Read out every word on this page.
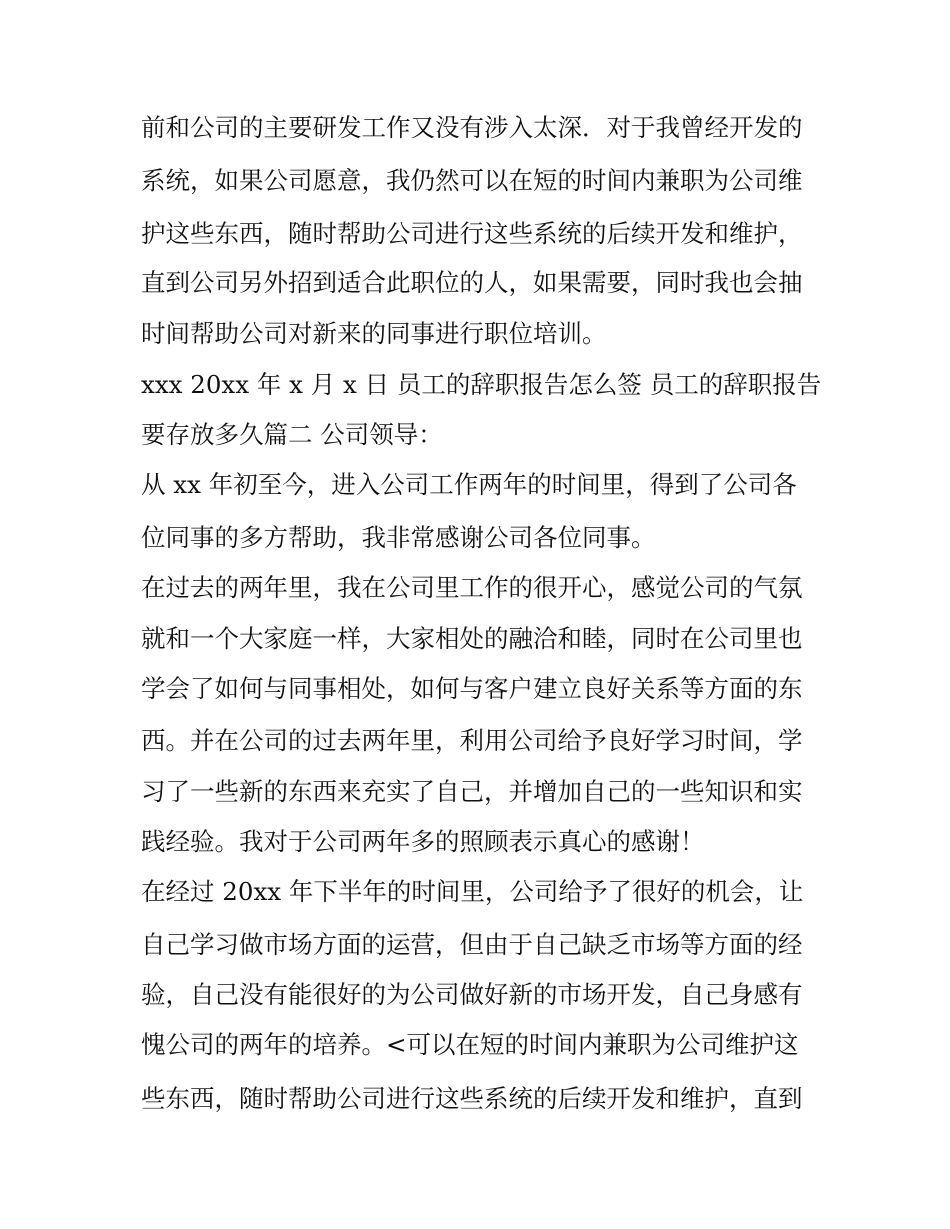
前和公司的主要研发工作又没有涉入太深．对于我曾经开发的
系统，如果公司愿意，我仍然可以在短的时间内兼职为公司维
护这些东西，随时帮助公司进行这些系统的后续开发和维护，
直到公司另外招到适合此职位的人，如果需要，同时我也会抽
时间帮助公司对新来的同事进行职位培训。
xxx 20xx 年 x 月 x 日 员工的辞职报告怎么签 员工的辞职报告
要存放多久篇二 公司领导：
从 xx 年初至今，进入公司工作两年的时间里，得到了公司各
位同事的多方帮助，我非常感谢公司各位同事。
在过去的两年里，我在公司里工作的很开心，感觉公司的气氛
就和一个大家庭一样，大家相处的融洽和睦，同时在公司里也
学会了如何与同事相处，如何与客户建立良好关系等方面的东
西。并在公司的过去两年里，利用公司给予良好学习时间，学
习了一些新的东西来充实了自己，并增加自己的一些知识和实
践经验。我对于公司两年多的照顾表示真心的感谢！
在经过 20xx 年下半年的时间里，公司给予了很好的机会，让
自己学习做市场方面的运营，但由于自己缺乏市场等方面的经
验，自己没有能很好的为公司做好新的市场开发，自己身感有
愧公司的两年的培养。<可以在短的时间内兼职为公司维护这
些东西，随时帮助公司进行这些系统的后续开发和维护，直到
